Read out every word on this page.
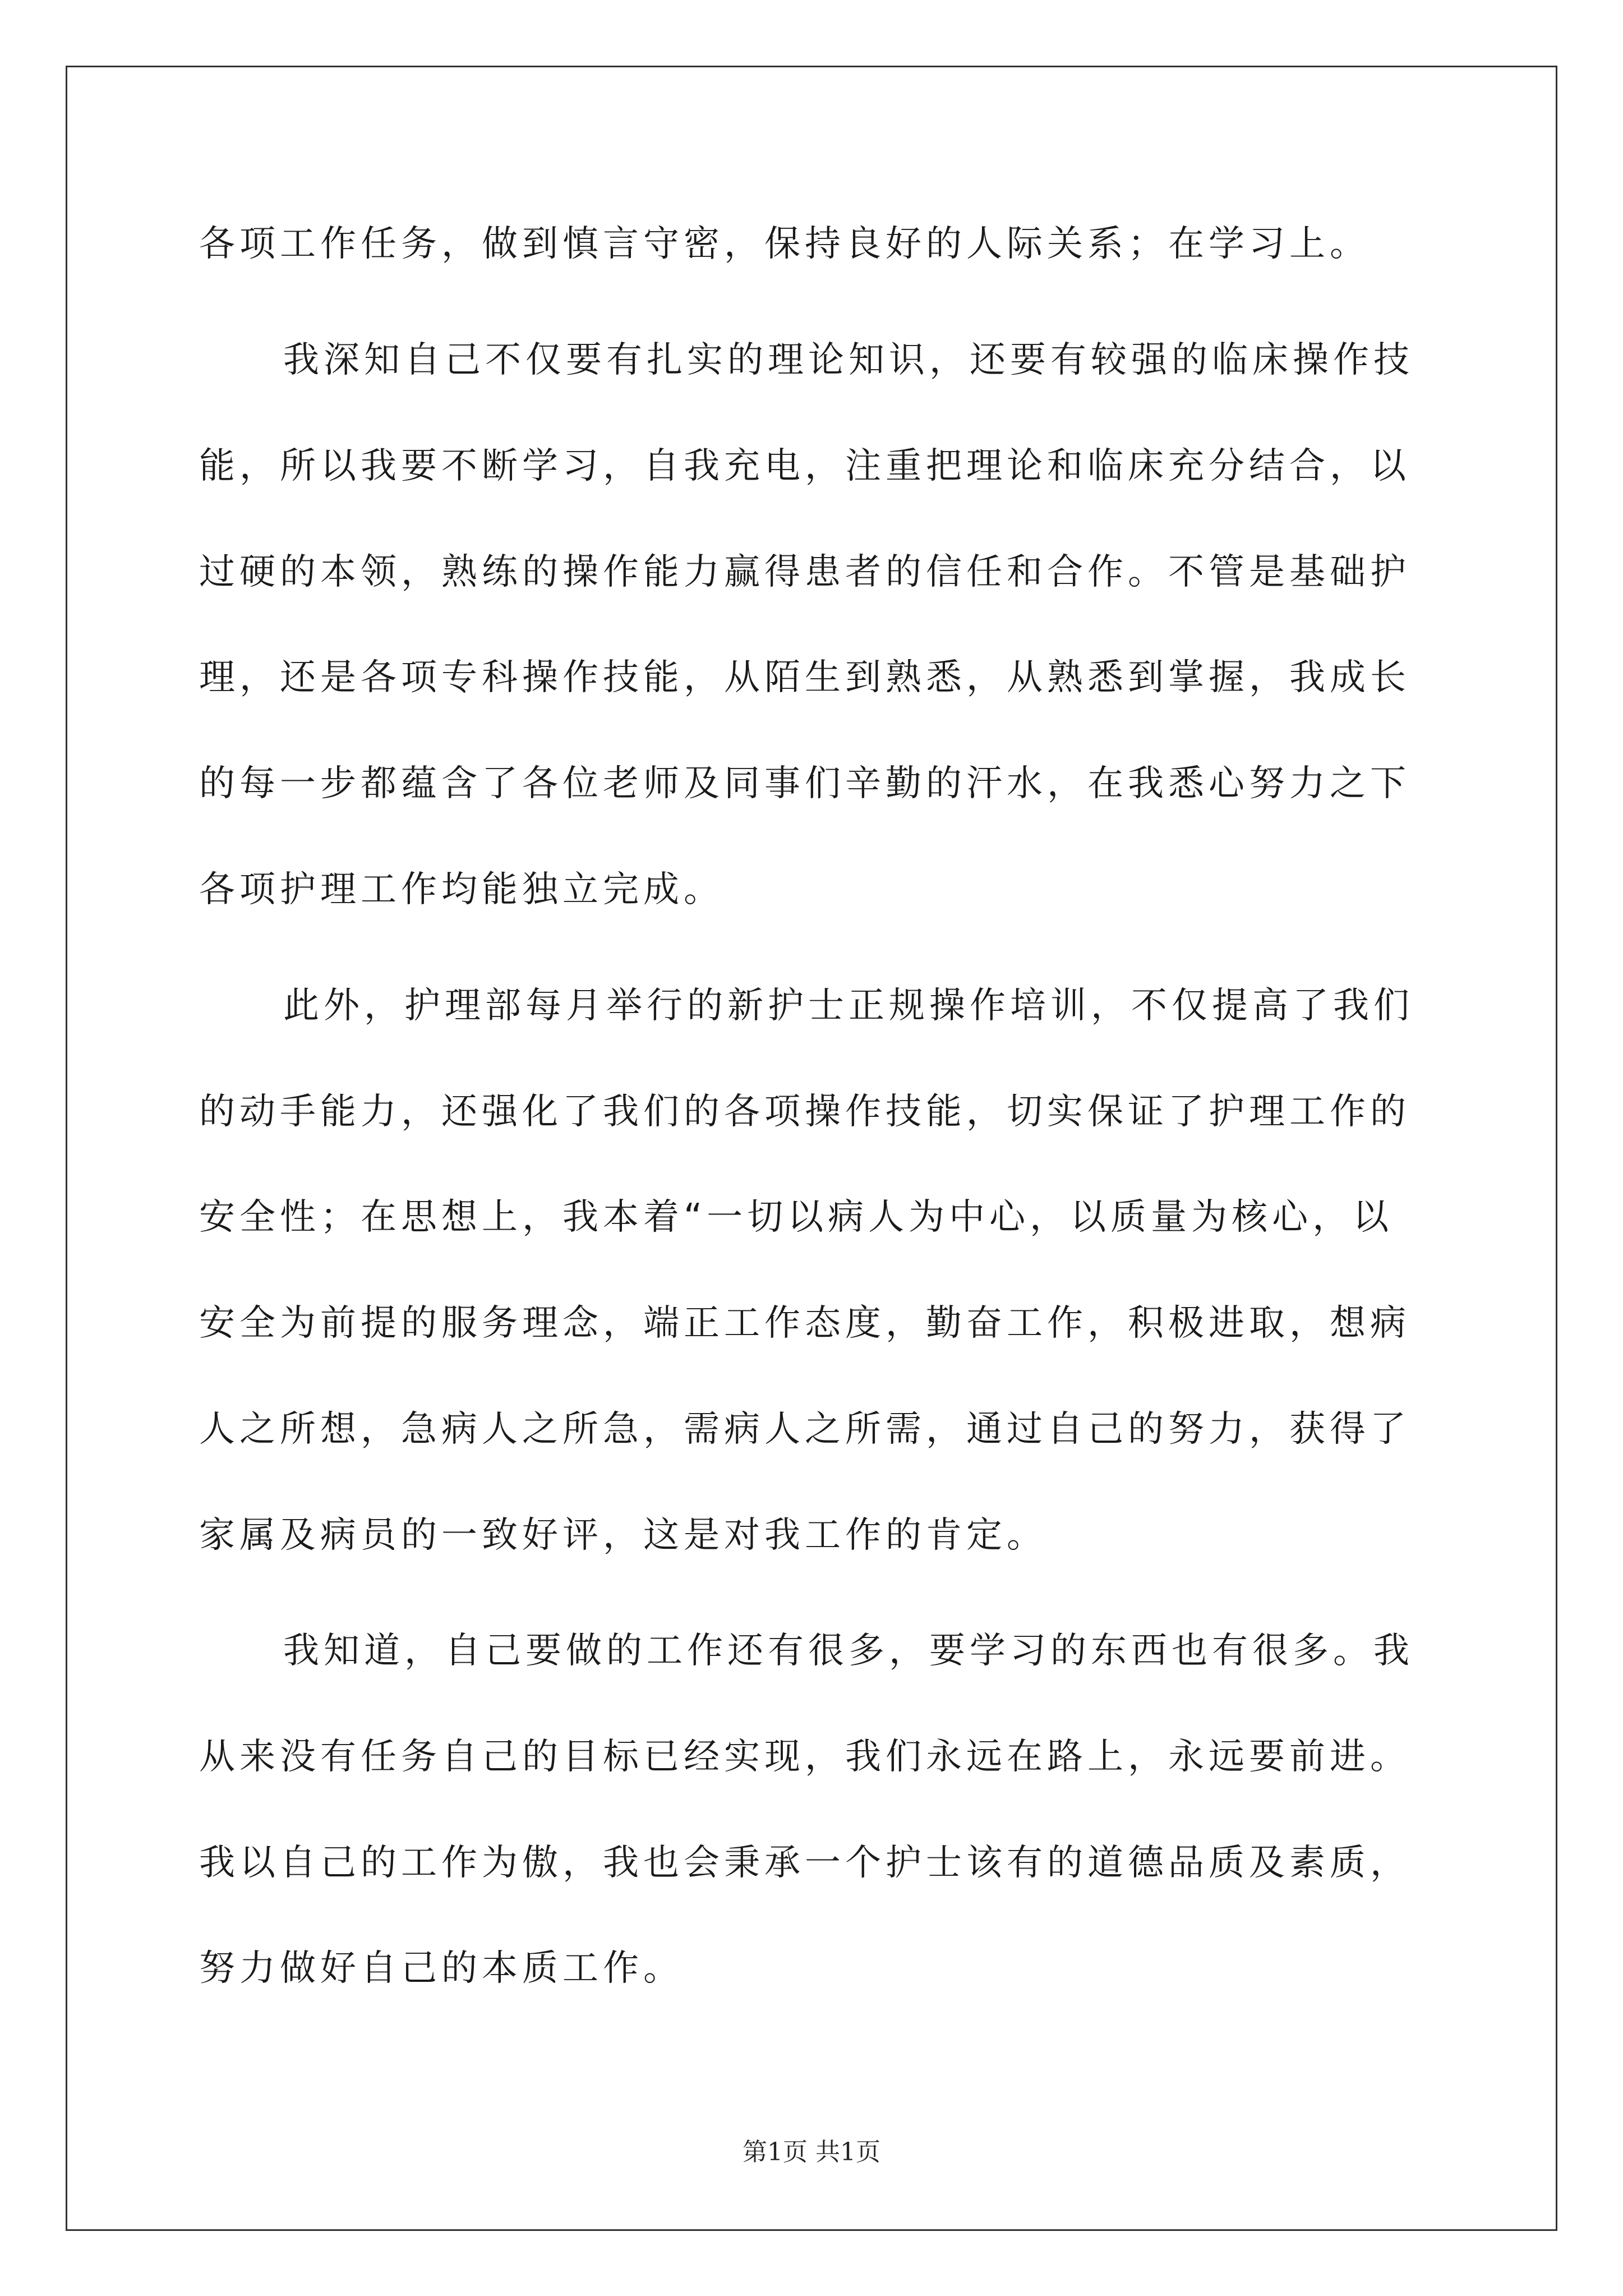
各项工作任务，做到慎言守密，保持良好的人际关系；在学习上。
我深知自己不仅要有扎实的理论知识，还要有较强的临床操作技
能，所以我要不断学习，自我充电，注重把理论和临床充分结合，以
过硬的本领，熟练的操作能力赢得患者的信任和合作。不管是基础护
理，还是各项专科操作技能，从陌生到熟悉，从熟悉到掌握，我成长
的每一步都蕴含了各位老师及同事们辛勤的汗水，在我悉心努力之下
各项护理工作均能独立完成。
此外，护理部每月举行的新护士正规操作培训，不仅提高了我们
的动手能力，还强化了我们的各项操作技能，切实保证了护理工作的
安全性；在思想上，我本着“一切以病人为中心，以质量为核心，以
安全为前提的服务理念，端正工作态度，勤奋工作，积极进取，想病
人之所想，急病人之所急，需病人之所需，通过自己的努力，获得了
家属及病员的一致好评，这是对我工作的肯定。
我知道，自己要做的工作还有很多，要学习的东西也有很多。我
从来没有任务自己的目标已经实现，我们永远在路上，永远要前进。
我以自己的工作为傲，我也会秉承一个护士该有的道德品质及素质，
努力做好自己的本质工作。
第1页 共1页
